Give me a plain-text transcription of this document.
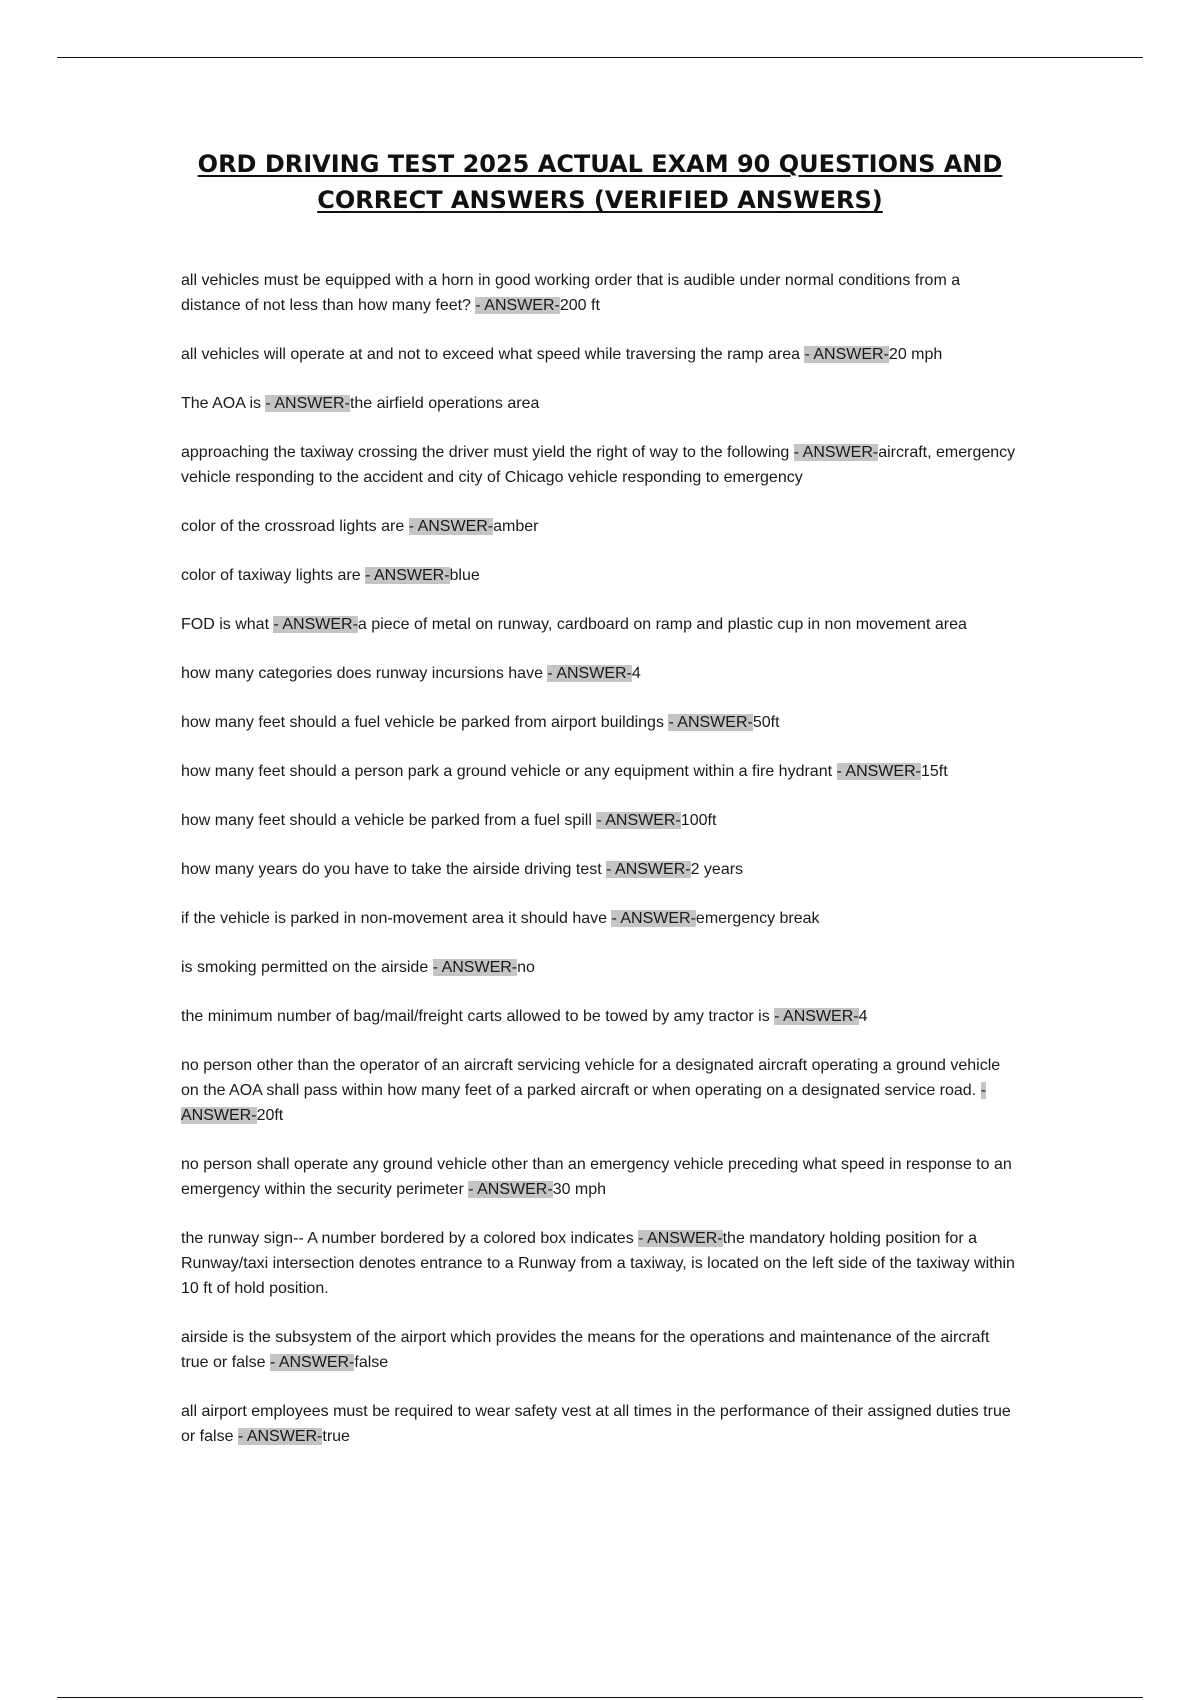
ORD DRIVING TEST 2025 ACTUAL EXAM 90 QUESTIONS AND CORRECT ANSWERS (VERIFIED ANSWERS)
all vehicles must be equipped with a horn in good working order that is audible under normal conditions from a distance of not less than how many feet? - ANSWER-200 ft
all vehicles will operate at and not to exceed what speed while traversing the ramp area - ANSWER-20 mph
The AOA is - ANSWER-the airfield operations area
approaching the taxiway crossing the driver must yield the right of way to the following - ANSWER-aircraft, emergency vehicle responding to the accident and city of Chicago vehicle responding to emergency
color of the crossroad lights are - ANSWER-amber
color of taxiway lights are - ANSWER-blue
FOD is what - ANSWER-a piece of metal on runway, cardboard on ramp and plastic cup in non movement area
how many categories does runway incursions have - ANSWER-4
how many feet should a fuel vehicle be parked from airport buildings - ANSWER-50ft
how many feet should a person park a ground vehicle or any equipment within a fire hydrant - ANSWER-15ft
how many feet should a vehicle be parked from a fuel spill - ANSWER-100ft
how many years do you have to take the airside driving test - ANSWER-2 years
if the vehicle is parked in non-movement area it should have - ANSWER-emergency break
is smoking permitted on the airside - ANSWER-no
the minimum number of bag/mail/freight carts allowed to be towed by amy tractor is - ANSWER-4
no person other than the operator of an aircraft servicing vehicle for a designated aircraft operating a ground vehicle on the AOA shall pass within how many feet of a parked aircraft or when operating on a designated service road. - ANSWER-20ft
no person shall operate any ground vehicle other than an emergency vehicle preceding what speed in response to an emergency within the security perimeter - ANSWER-30 mph
the runway sign-- A number bordered by a colored box indicates - ANSWER-the mandatory holding position for a Runway/taxi intersection denotes entrance to a Runway from a taxiway, is located on the left side of the taxiway within 10 ft of hold position.
airside is the subsystem of the airport which provides the means for the operations and maintenance of the aircraft true or false - ANSWER-false
all airport employees must be required to wear safety vest at all times in the performance of their assigned duties true or false - ANSWER-true
